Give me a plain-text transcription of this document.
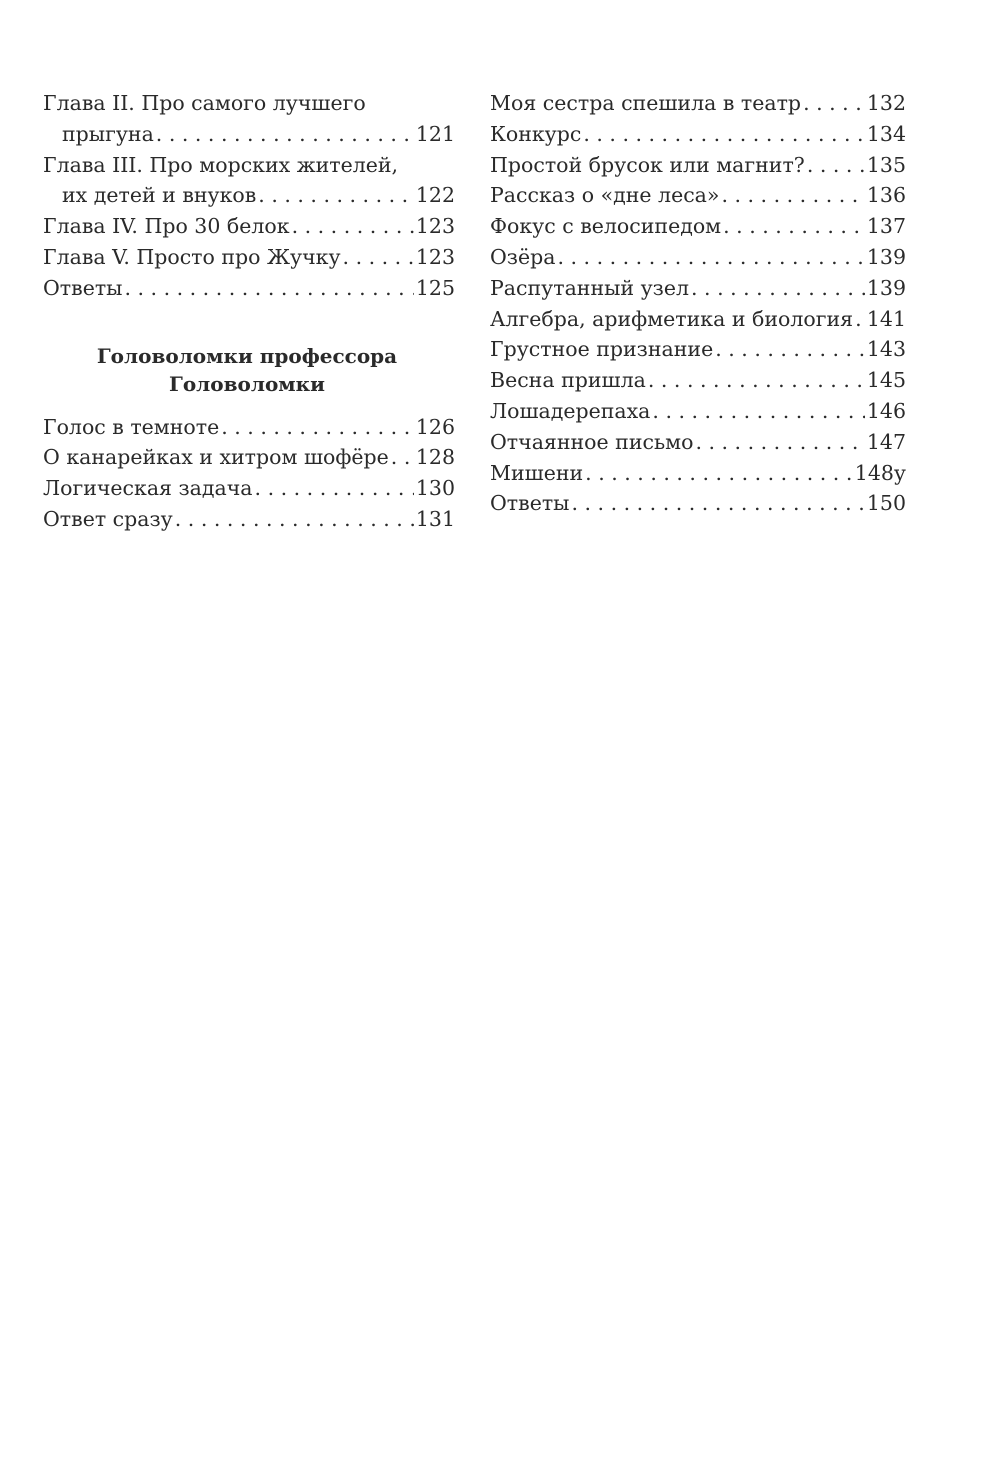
Глава II. Про самого лучшего
прыгуна . . .	121
Глава III. Про морских жителей,
их детей и внуков . . .	122
Глава IV. Про 30 белок . . .	123
Глава V. Просто про Жучку . . .	123
Ответы . . .	125
Головоломки профессора
Головоломки
Голос в темноте . . .	126
О канарейках и хитром шофёре . . . 128
Логическая задача . . .	130
Ответ сразу . . .	131
Моя сестра спешила в театр . . .	132
Конкурс . . .	134
Простой брусок или магнит? . . .	135
Рассказ о «дне леса» . . .	136
Фокус с велосипедом . . .	137
Озёра . . .	139
Распутанный узел . . .	139
Алгебра, арифметика и биология . . . 141
Грустное признание . . .	143
Весна пришла . . .	145
Лошадерепаха . . .	146
Отчаянное письмо . . .	147
Мишени . . .	148у
Ответы . . .	150
